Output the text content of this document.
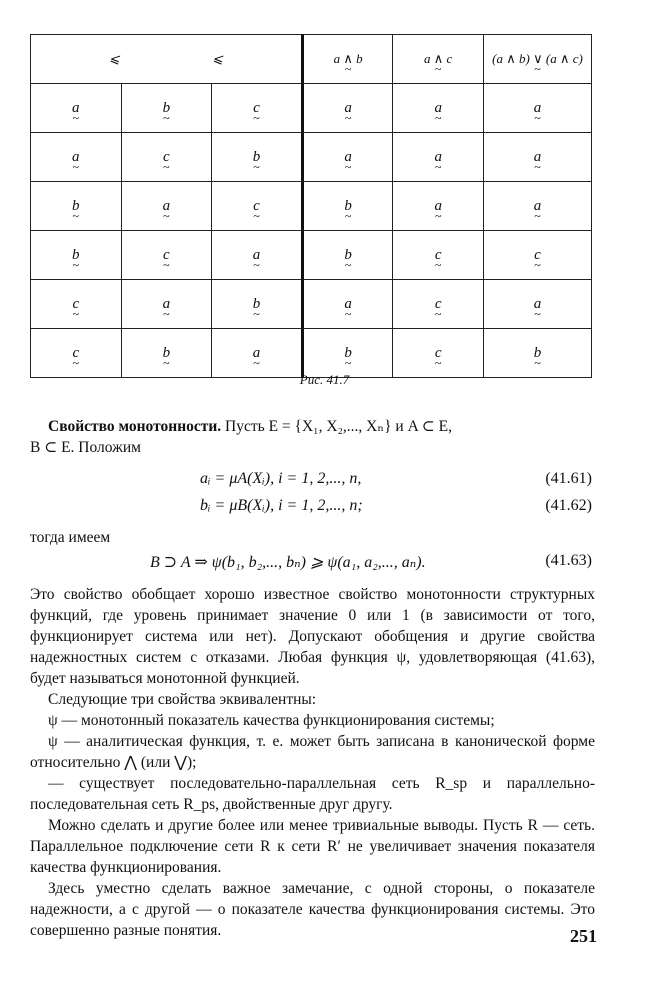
⩽ ⩽			a ∧ b ~	a ∧ c ~	(a ∧ b) ∨ (a ∧ c) ~
a ~	b ~	c ~	a ~	a ~	a ~
a ~	c ~	b ~	a ~	a ~	a ~
b ~	a ~	c ~	b ~	a ~	a ~
b ~	c ~	a ~	b ~	c ~	c ~
c ~	a ~	b ~	a ~	c ~	a ~
c ~	b ~	a ~	b ~	c ~	b ~
Рис. 41.7

Свойство монотонности. Пусть E = {X₁, X₂,..., Xₙ} и A ⊂ E,

B ⊂ E. Положим

aᵢ = μA(Xᵢ), i = 1, 2,..., n,	(41.61)
bᵢ = μB(Xᵢ), i = 1, 2,..., n;	(41.62)
тогда имеем
B ⊃ A ⇒ ψ(b₁, b₂,..., bₙ) ⩾ ψ(a₁, a₂,..., aₙ).	(41.63)

Это свойство обобщает хорошо известное свойство монотонности структурных функций, где уровень принимает значение 0 или 1 (в зависимости от того, функционирует система или нет). Допускают обобщения и другие свойства надежностных систем с отказами. Любая функция ψ, удовлетворяющая (41.63), будет называться монотонной функцией.

Следующие три свойства эквивалентны:

ψ — монотонный показатель качества функционирования системы;

ψ — аналитическая функция, т. е. может быть записана в канонической форме относительно ⋀ (или ⋁);

— существует последовательно-параллельная сеть R_sp и параллельно-последовательная сеть R_ps, двойственные друг другу.

Можно сделать и другие более или менее тривиальные выводы. Пусть R — сеть. Параллельное подключение сети R к сети R′ не увеличивает значения показателя качества функционирования.

Здесь уместно сделать важное замечание, с одной стороны, о показателе надежности, а с другой — о показателе качества функционирования системы. Это совершенно разные понятия.	251
